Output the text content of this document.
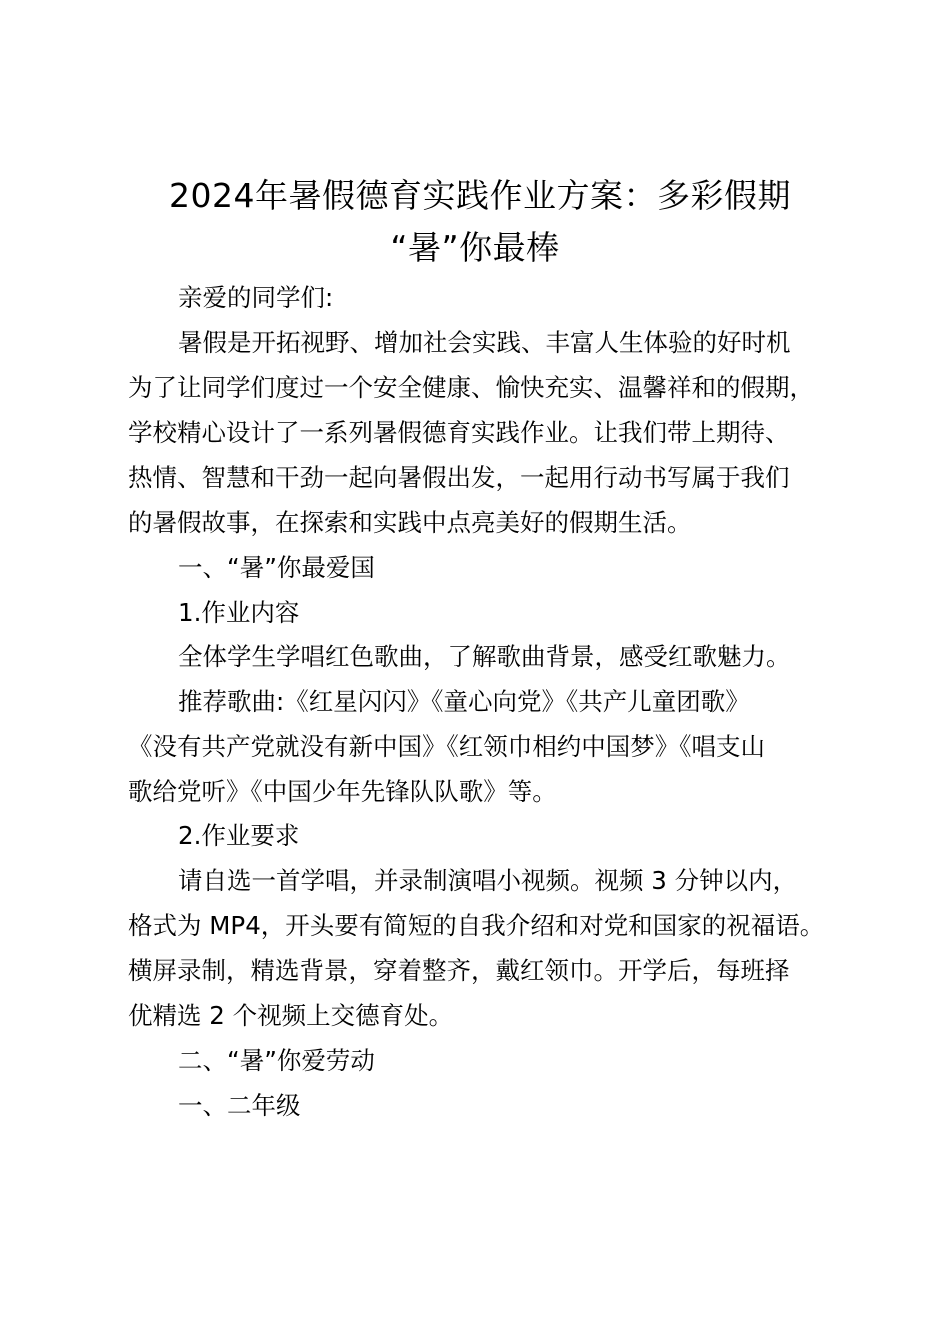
2024年暑假德育实践作业方案：多彩假期
“暑”你最棒
亲爱的同学们:
暑假是开拓视野、增加社会实践、丰富人生体验的好时机
为了让同学们度过一个安全健康、愉快充实、温馨祥和的假期，
学校精心设计了一系列暑假德育实践作业。让我们带上期待、
热情、智慧和干劲一起向暑假出发，一起用行动书写属于我们
的暑假故事，在探索和实践中点亮美好的假期生活。
一、“暑”你最爱国
1.作业内容
全体学生学唱红色歌曲，了解歌曲背景，感受红歌魅力。
推荐歌曲:《红星闪闪》《童心向党》《共产儿童团歌》
《没有共产党就没有新中国》《红领巾相约中国梦》《唱支山
歌给党听》《中国少年先锋队队歌》等。
2.作业要求
请自选一首学唱，并录制演唱小视频。视频 3 分钟以内，
格式为 MP4，开头要有简短的自我介绍和对党和国家的祝福语。
横屏录制，精选背景，穿着整齐，戴红领巾。开学后，每班择
优精选 2 个视频上交德育处。
二、“暑”你爱劳动
一、二年级
